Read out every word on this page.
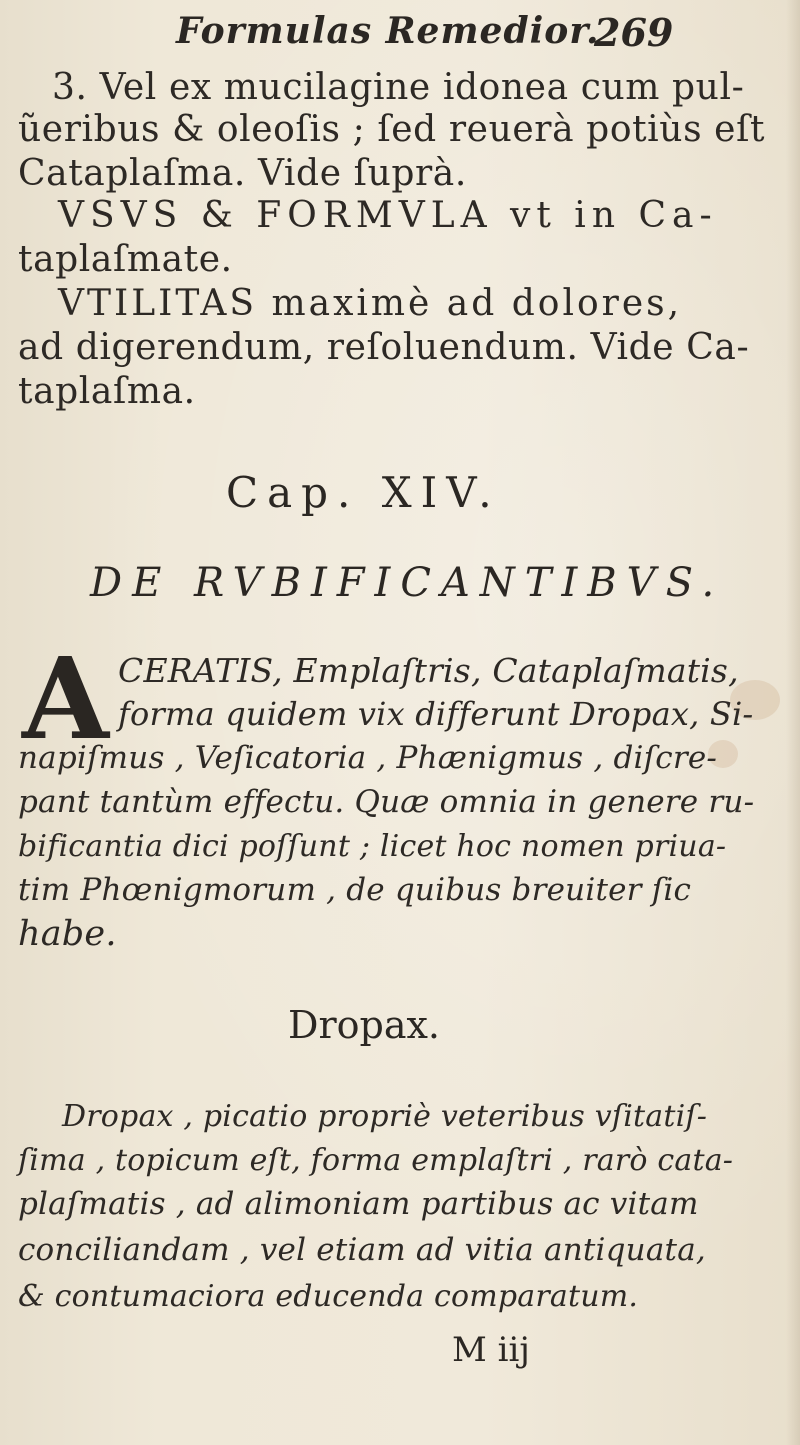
Formulas Remedior.
269
3. Vel ex mucilagine idonea cum pul-
ũeribus & oleoſis ; ſed reuerà potiùs eſt
Cataplaſma. Vide ſuprà.
VSVS & FORMVLA vt in Ca-
taplaſmate.
VTILITAS maximè ad dolores,
ad digerendum, reſoluendum. Vide Ca-
taplaſma.
Cap. XIV.
DE RVBIFICANTIBVS.
A CERATIS, Emplaſtris, Cataplaſmatis,
forma quidem vix differunt Dropax, Si-
napiſmus , Veſicatoria , Phænigmus , diſcre-
pant tantùm effectu. Quæ omnia in genere ru-
bificantia dici poſſunt ; licet hoc nomen priua-
tim Phœnigmorum , de quibus breuiter ſic
habe.
Dropax.
Dropax , picatio propriè veteribus vſitatiſ-
ſima , topicum eſt, forma emplaſtri , rarò cata-
plaſmatis , ad alimoniam partibus ac vitam
conciliandam , vel etiam ad vitia antiquata,
& contumaciora educenda comparatum.
M iij
